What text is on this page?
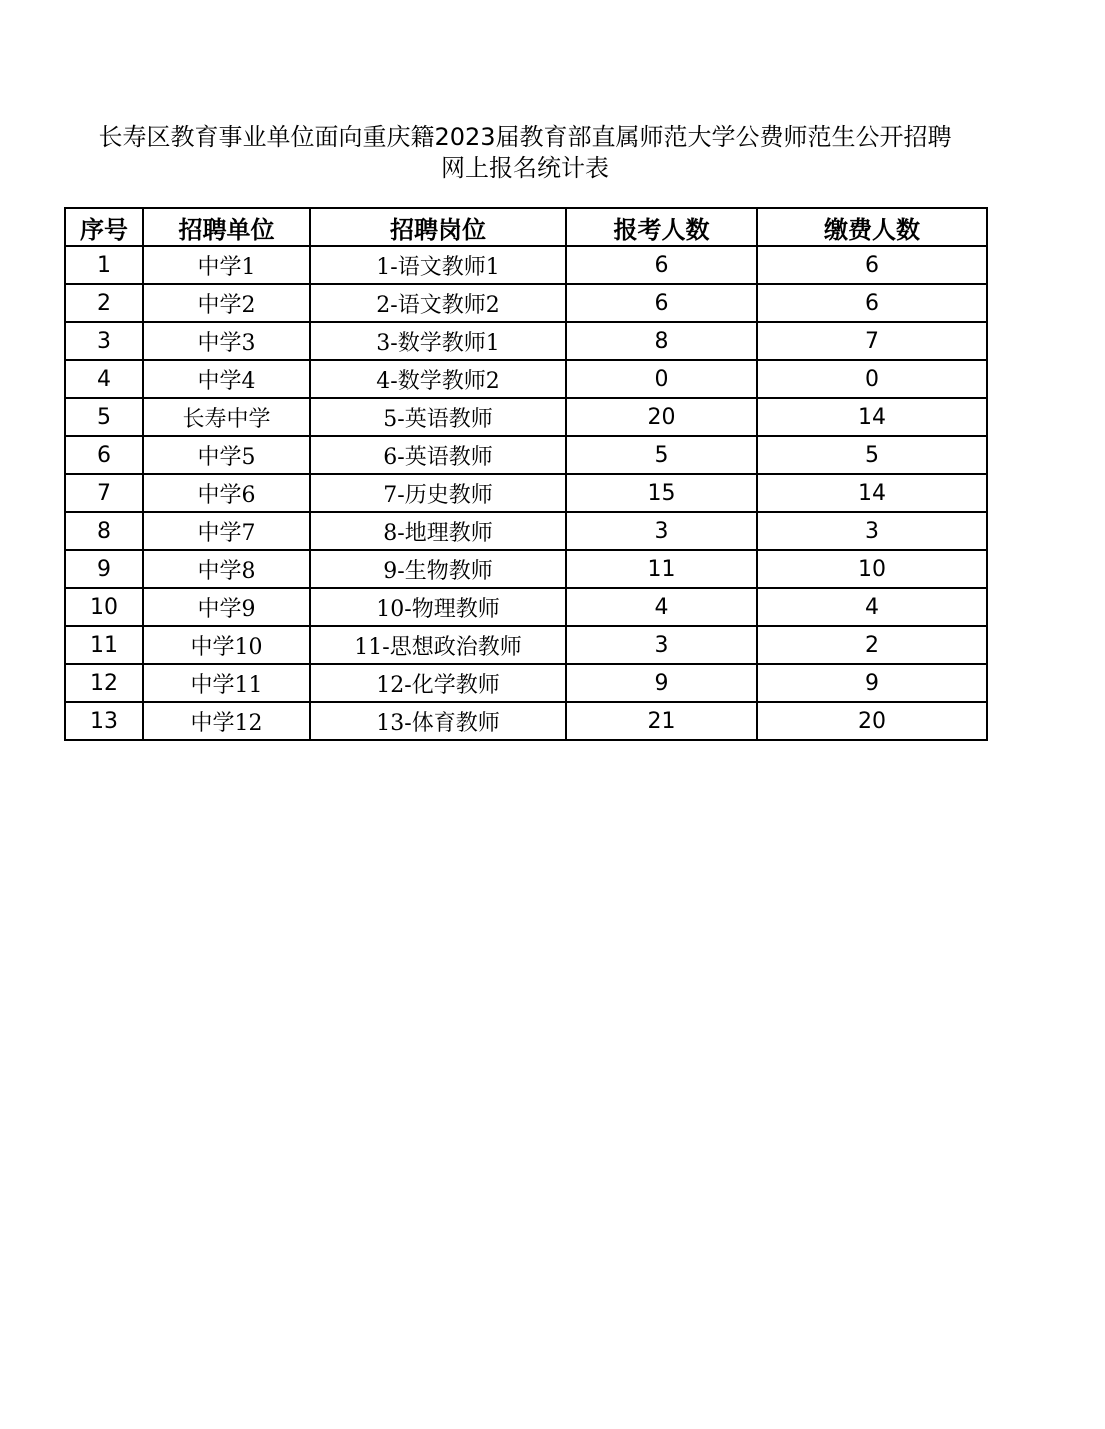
长寿区教育事业单位面向重庆籍2023届教育部直属师范大学公费师范生公开招聘
网上报名统计表
序号	招聘单位	招聘岗位	报考人数	缴费人数
1	中学1	1-语文教师1	6	6
2	中学2	2-语文教师2	6	6
3	中学3	3-数学教师1	8	7
4	中学4	4-数学教师2	0	0
5	长寿中学	5-英语教师	20	14
6	中学5	6-英语教师	5	5
7	中学6	7-历史教师	15	14
8	中学7	8-地理教师	3	3
9	中学8	9-生物教师	11	10
10	中学9	10-物理教师	4	4
11	中学10	11-思想政治教师	3	2
12	中学11	12-化学教师	9	9
13	中学12	13-体育教师	21	20
